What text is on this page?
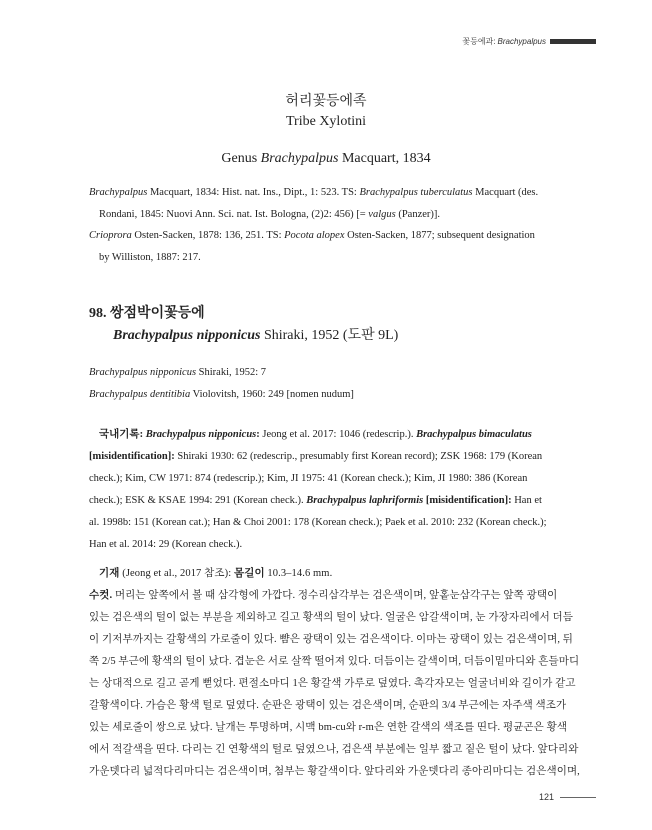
꽃등에과: Brachypalpus
허리꽃등에족
Tribe Xylotini
Genus Brachypalpus Macquart, 1834
Brachypalpus Macquart, 1834: Hist. nat. Ins., Dipt., 1: 523. TS: Brachypalpus tuberculatus Macquart (des.
Rondani, 1845: Nuovi Ann. Sci. nat. Ist. Bologna, (2)2: 456) [= valgus (Panzer)].
Crioprora Osten-Sacken, 1878: 136, 251. TS: Pocota alopex Osten-Sacken, 1877; subsequent designation
by Williston, 1887: 217.
98. 쌍점박이꽃등에
Brachypalpus nipponicus Shiraki, 1952 (도판 9L)
Brachypalpus nipponicus Shiraki, 1952: 7
Brachypalpus dentitibia Violovitsh, 1960: 249 [nomen nudum]
국내기록: Brachypalpus nipponicus: Jeong et al. 2017: 1046 (redescrip.). Brachypalpus bimaculatus
[misidentification]: Shiraki 1930: 62 (redescrip., presumably first Korean record); ZSK 1968: 179 (Korean
check.); Kim, CW 1971: 874 (redescrip.); Kim, JI 1975: 41 (Korean check.); Kim, JI 1980: 386 (Korean
check.); ESK & KSAE 1994: 291 (Korean check.). Brachypalpus laphriformis [misidentification]: Han et
al. 1998b: 151 (Korean cat.); Han & Choi 2001: 178 (Korean check.); Paek et al. 2010: 232 (Korean check.);
Han et al. 2014: 29 (Korean check.).
기재 (Jeong et al., 2017 참조): 몸길이 10.3–14.6 mm.
수컷. 머리는 앞쪽에서 볼 때 삼각형에 가깝다. 정수리삼각부는 검은색이며, 앞홑눈삼각구는 앞쪽 광택이
있는 검은색의 털이 없는 부분을 제외하고 길고 황색의 털이 났다. 얼굴은 암갈색이며, 눈 가장자리에서 더듬
이 기저부까지는 갈황색의 가로줄이 있다. 뺨은 광택이 있는 검은색이다. 이마는 광택이 있는 검은색이며, 뒤
쪽 2/5 부근에 황색의 털이 났다. 겹눈은 서로 살짝 떨어져 있다. 더듬이는 갈색이며, 더듬이밑마디와 흔들마디
는 상대적으로 길고 곧게 뻗었다. 편절소마디 1은 황갈색 가루로 덮였다. 촉각자모는 얼굴너비와 길이가 같고
갈황색이다. 가슴은 황색 털로 덮였다. 순판은 광택이 있는 검은색이며, 순판의 3/4 부근에는 자주색 색조가
있는 세로줄이 쌍으로 났다. 날개는 투명하며, 시맥 bm-cu와 r-m은 연한 갈색의 색조를 띤다. 평균곤은 황색
에서 적갈색을 띤다. 다리는 긴 연황색의 털로 덮였으나, 검은색 부분에는 일부 짧고 짙은 털이 났다. 앞다리와
가운뎃다리 넓적다리마디는 검은색이며, 첨부는 황갈색이다. 앞다리와 가운뎃다리 종아리마디는 검은색이며,
121
